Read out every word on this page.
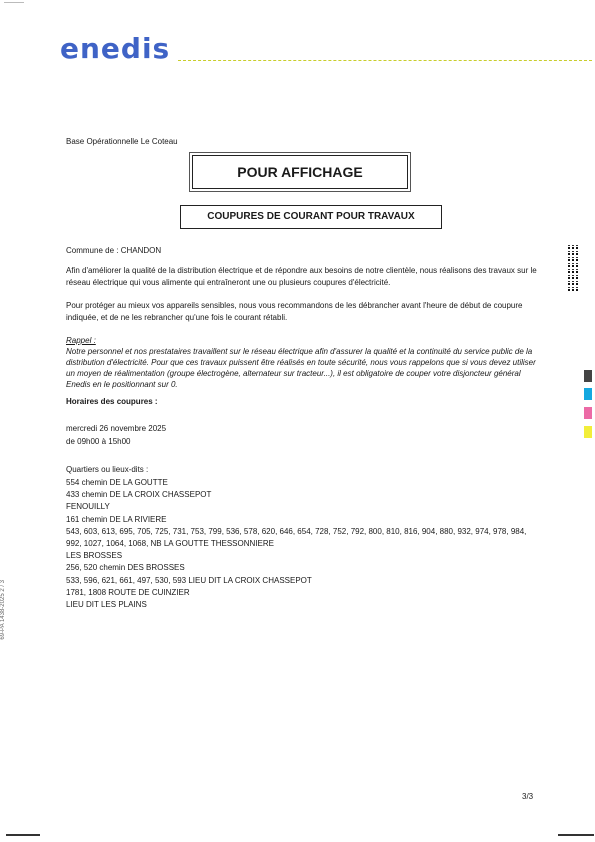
enedis
Base Opérationnelle Le Coteau
POUR AFFICHAGE
COUPURES DE COURANT POUR TRAVAUX
Commune de : CHANDON
Afin d'améliorer la qualité de la distribution électrique et de répondre aux besoins de notre clientèle, nous réalisons des travaux sur le réseau électrique qui vous alimente qui entraîneront une ou plusieurs coupures d'électricité.
Pour protéger au mieux vos appareils sensibles, nous vous recommandons de les débrancher avant l'heure de début de coupure indiquée, et de ne les rebrancher qu'une fois le courant rétabli.
Rappel :
Notre personnel et nos prestataires travaillent sur le réseau électrique afin d'assurer la qualité et la continuité du service public de la distribution d'électricité. Pour que ces travaux puissent être réalisés en toute sécurité, nous vous rappelons que si vous devez utiliser un moyen de réalimentation (groupe électrogène, alternateur sur tracteur...), il est obligatoire de couper votre disjoncteur général Enedis en le positionnant sur 0.
Horaires des coupures :
mercredi 26 novembre 2025
de 09h00 à 15h00
Quartiers ou lieux-dits :
554 chemin DE LA GOUTTE
433 chemin DE LA CROIX CHASSEPOT
FENOUILLY
161 chemin DE LA RIVIERE
543, 603, 613, 695, 705, 725, 731, 753, 799, 536, 578, 620, 646, 654, 728, 752, 792, 800, 810, 816, 904, 880, 932, 974, 978, 984, 992, 1027, 1064, 1068, NB LA GOUTTE THESSONNIERE
LES BROSSES
256, 520 chemin DES BROSSES
533, 596, 621, 661, 497, 530, 593 LIEU DIT LA CROIX CHASSEPOT
1781, 1808 ROUTE DE CUINZIER
LIEU DIT LES PLAINS
69-PA 1438-2025 2 / 3
3/3
